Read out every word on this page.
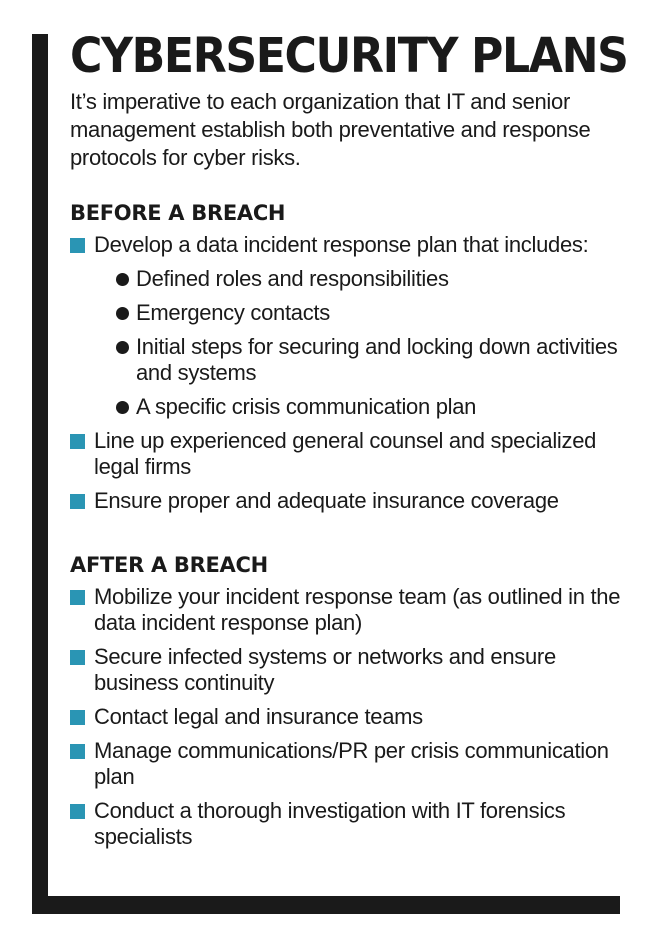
CYBERSECURITY PLANS

It’s imperative to each organization that IT and senior management establish both preventative and response protocols for cyber risks.

BEFORE A BREACH
Develop a data incident response plan that includes:
Defined roles and responsibilities
Emergency contacts
Initial steps for securing and locking down activities and systems
A specific crisis communication plan
Line up experienced general counsel and specialized legal firms
Ensure proper and adequate insurance coverage
AFTER A BREACH
Mobilize your incident response team (as outlined in the data incident response plan)
Secure infected systems or networks and ensure business continuity
Contact legal and insurance teams
Manage communications/PR per crisis communication plan
Conduct a thorough investigation with IT forensics specialists
